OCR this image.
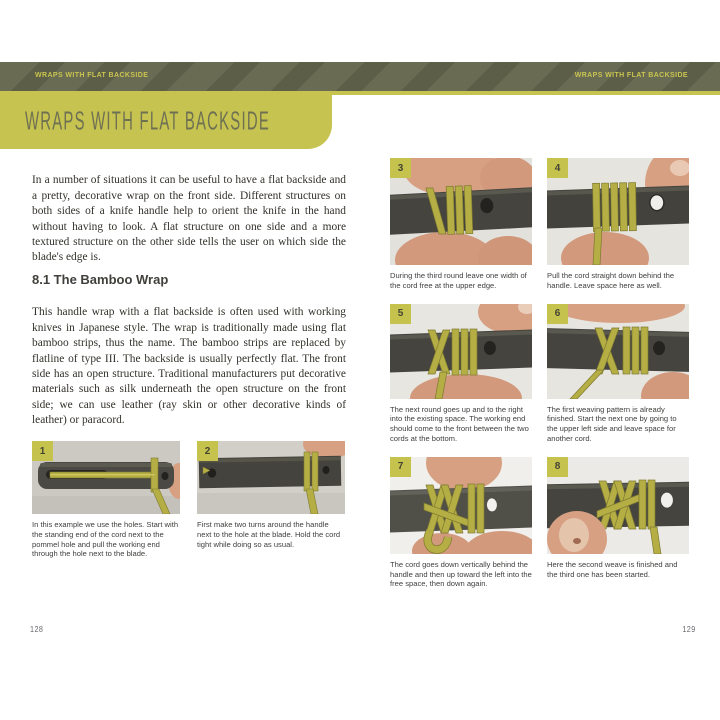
WRAPS WITH FLAT BACKSIDE	WRAPS WITH FLAT BACKSIDE
WRAPS WITH FLAT BACKSIDE

In a number of situations it can be useful to have a flat backside and a pretty, decorative wrap on the front side. Different structures on both sides of a knife handle help to orient the knife in the hand without having to look. A flat structure on one side and a more textured structure on the other side tells the user on which side the blade's edge is.

8.1 The Bamboo Wrap

This handle wrap with a flat backside is often used with working knives in Japanese style. The wrap is traditionally made using flat bamboo strips, thus the name. The bamboo strips are replaced by flatline of type III. The backside is usually perfectly flat. The front side has an open structure. Traditional manufacturers put decorative materials such as silk underneath the open structure on the front side; we can use leather (ray skin or other decorative kinds of leather) or paracord.

1
In this example we use the holes. Start with the standing end of the cord next to the pommel hole and pull the working end through the hole next to the blade.
2
First make two turns around the handle next to the hole at the blade. Hold the cord tight while doing so as usual.
3
During the third round leave one width of the cord free at the upper edge.
4
Pull the cord straight down behind the handle. Leave space here as well.
5
The next round goes up and to the right into the existing space. The working end should come to the front between the two cords at the bottom.
6
The first weaving pattern is already finished. Start the next one by going to the upper left side and leave space for another cord.
7
The cord goes down vertically behind the handle and then up toward the left into the free space, then down again.
8
Here the second weave is finished and the third one has been started.
128	129
